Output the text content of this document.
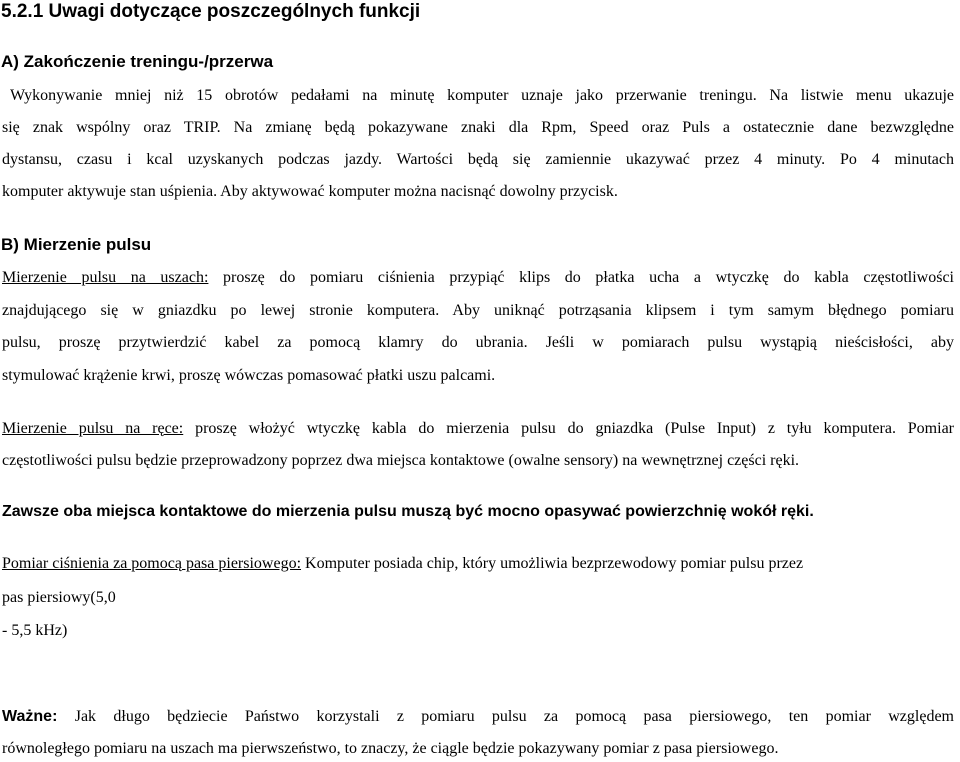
5.2.1 Uwagi dotyczące poszczególnych funkcji
A) Zakończenie treningu-/przerwa

Wykonywanie mniej niż 15 obrotów pedałami na minutę komputer uznaje jako przerwanie treningu. Na listwie menu ukazuje

się znak wspólny oraz TRIP. Na zmianę będą pokazywane znaki dla Rpm, Speed oraz Puls a ostatecznie dane bezwzględne

dystansu, czasu i kcal uzyskanych podczas jazdy. Wartości będą się zamiennie ukazywać przez 4 minuty. Po 4 minutach

komputer aktywuje stan uśpienia. Aby aktywować komputer można nacisnąć dowolny przycisk.

B) Mierzenie pulsu

Mierzenie pulsu na uszach: proszę do pomiaru ciśnienia przypiąć klips do płatka ucha a wtyczkę do kabla częstotliwości

znajdującego się w gniazdku po lewej stronie komputera. Aby uniknąć potrząsania klipsem i tym samym błędnego pomiaru

pulsu, proszę przytwierdzić kabel za pomocą klamry do ubrania. Jeśli w pomiarach pulsu wystąpią nieścisłości, aby

stymulować krążenie krwi, proszę wówczas pomasować płatki uszu palcami.

Mierzenie pulsu na ręce: proszę włożyć wtyczkę kabla do mierzenia pulsu do gniazdka (Pulse Input) z tyłu komputera. Pomiar

częstotliwości pulsu będzie przeprowadzony poprzez dwa miejsca kontaktowe (owalne sensory) na wewnętrznej części ręki.

Zawsze oba miejsca kontaktowe do mierzenia pulsu muszą być mocno opasywać powierzchnię wokół ręki.

Pomiar ciśnienia za pomocą pasa piersiowego: Komputer posiada chip, który umożliwia bezprzewodowy pomiar pulsu przez

pas piersiowy(5,0

- 5,5 kHz)

Ważne: Jak długo będziecie Państwo korzystali z pomiaru pulsu za pomocą pasa piersiowego, ten pomiar względem

równoległego pomiaru na uszach ma pierwszeństwo, to znaczy, że ciągle będzie pokazywany pomiar z pasa piersiowego.
